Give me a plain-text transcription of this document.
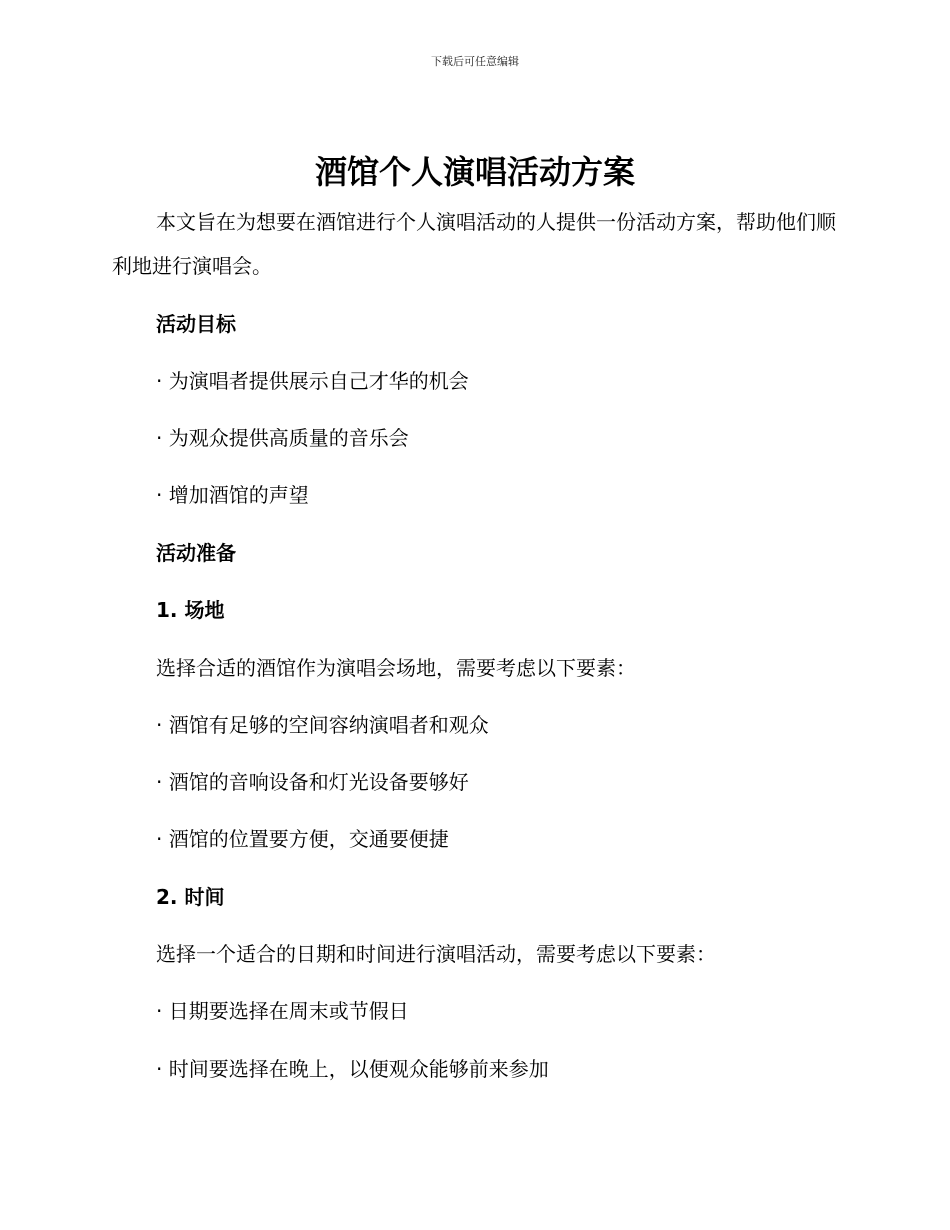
下载后可任意编辑
酒馆个人演唱活动方案

本文旨在为想要在酒馆进行个人演唱活动的人提供一份活动方案，帮助他们顺利地进行演唱会。

活动目标
· 为演唱者提供展示自己才华的机会
· 为观众提供高质量的音乐会
· 增加酒馆的声望
活动准备
1. 场地
选择合适的酒馆作为演唱会场地，需要考虑以下要素：
· 酒馆有足够的空间容纳演唱者和观众
· 酒馆的音响设备和灯光设备要够好
· 酒馆的位置要方便，交通要便捷
2. 时间
选择一个适合的日期和时间进行演唱活动，需要考虑以下要素：
· 日期要选择在周末或节假日
· 时间要选择在晚上，以便观众能够前来参加
